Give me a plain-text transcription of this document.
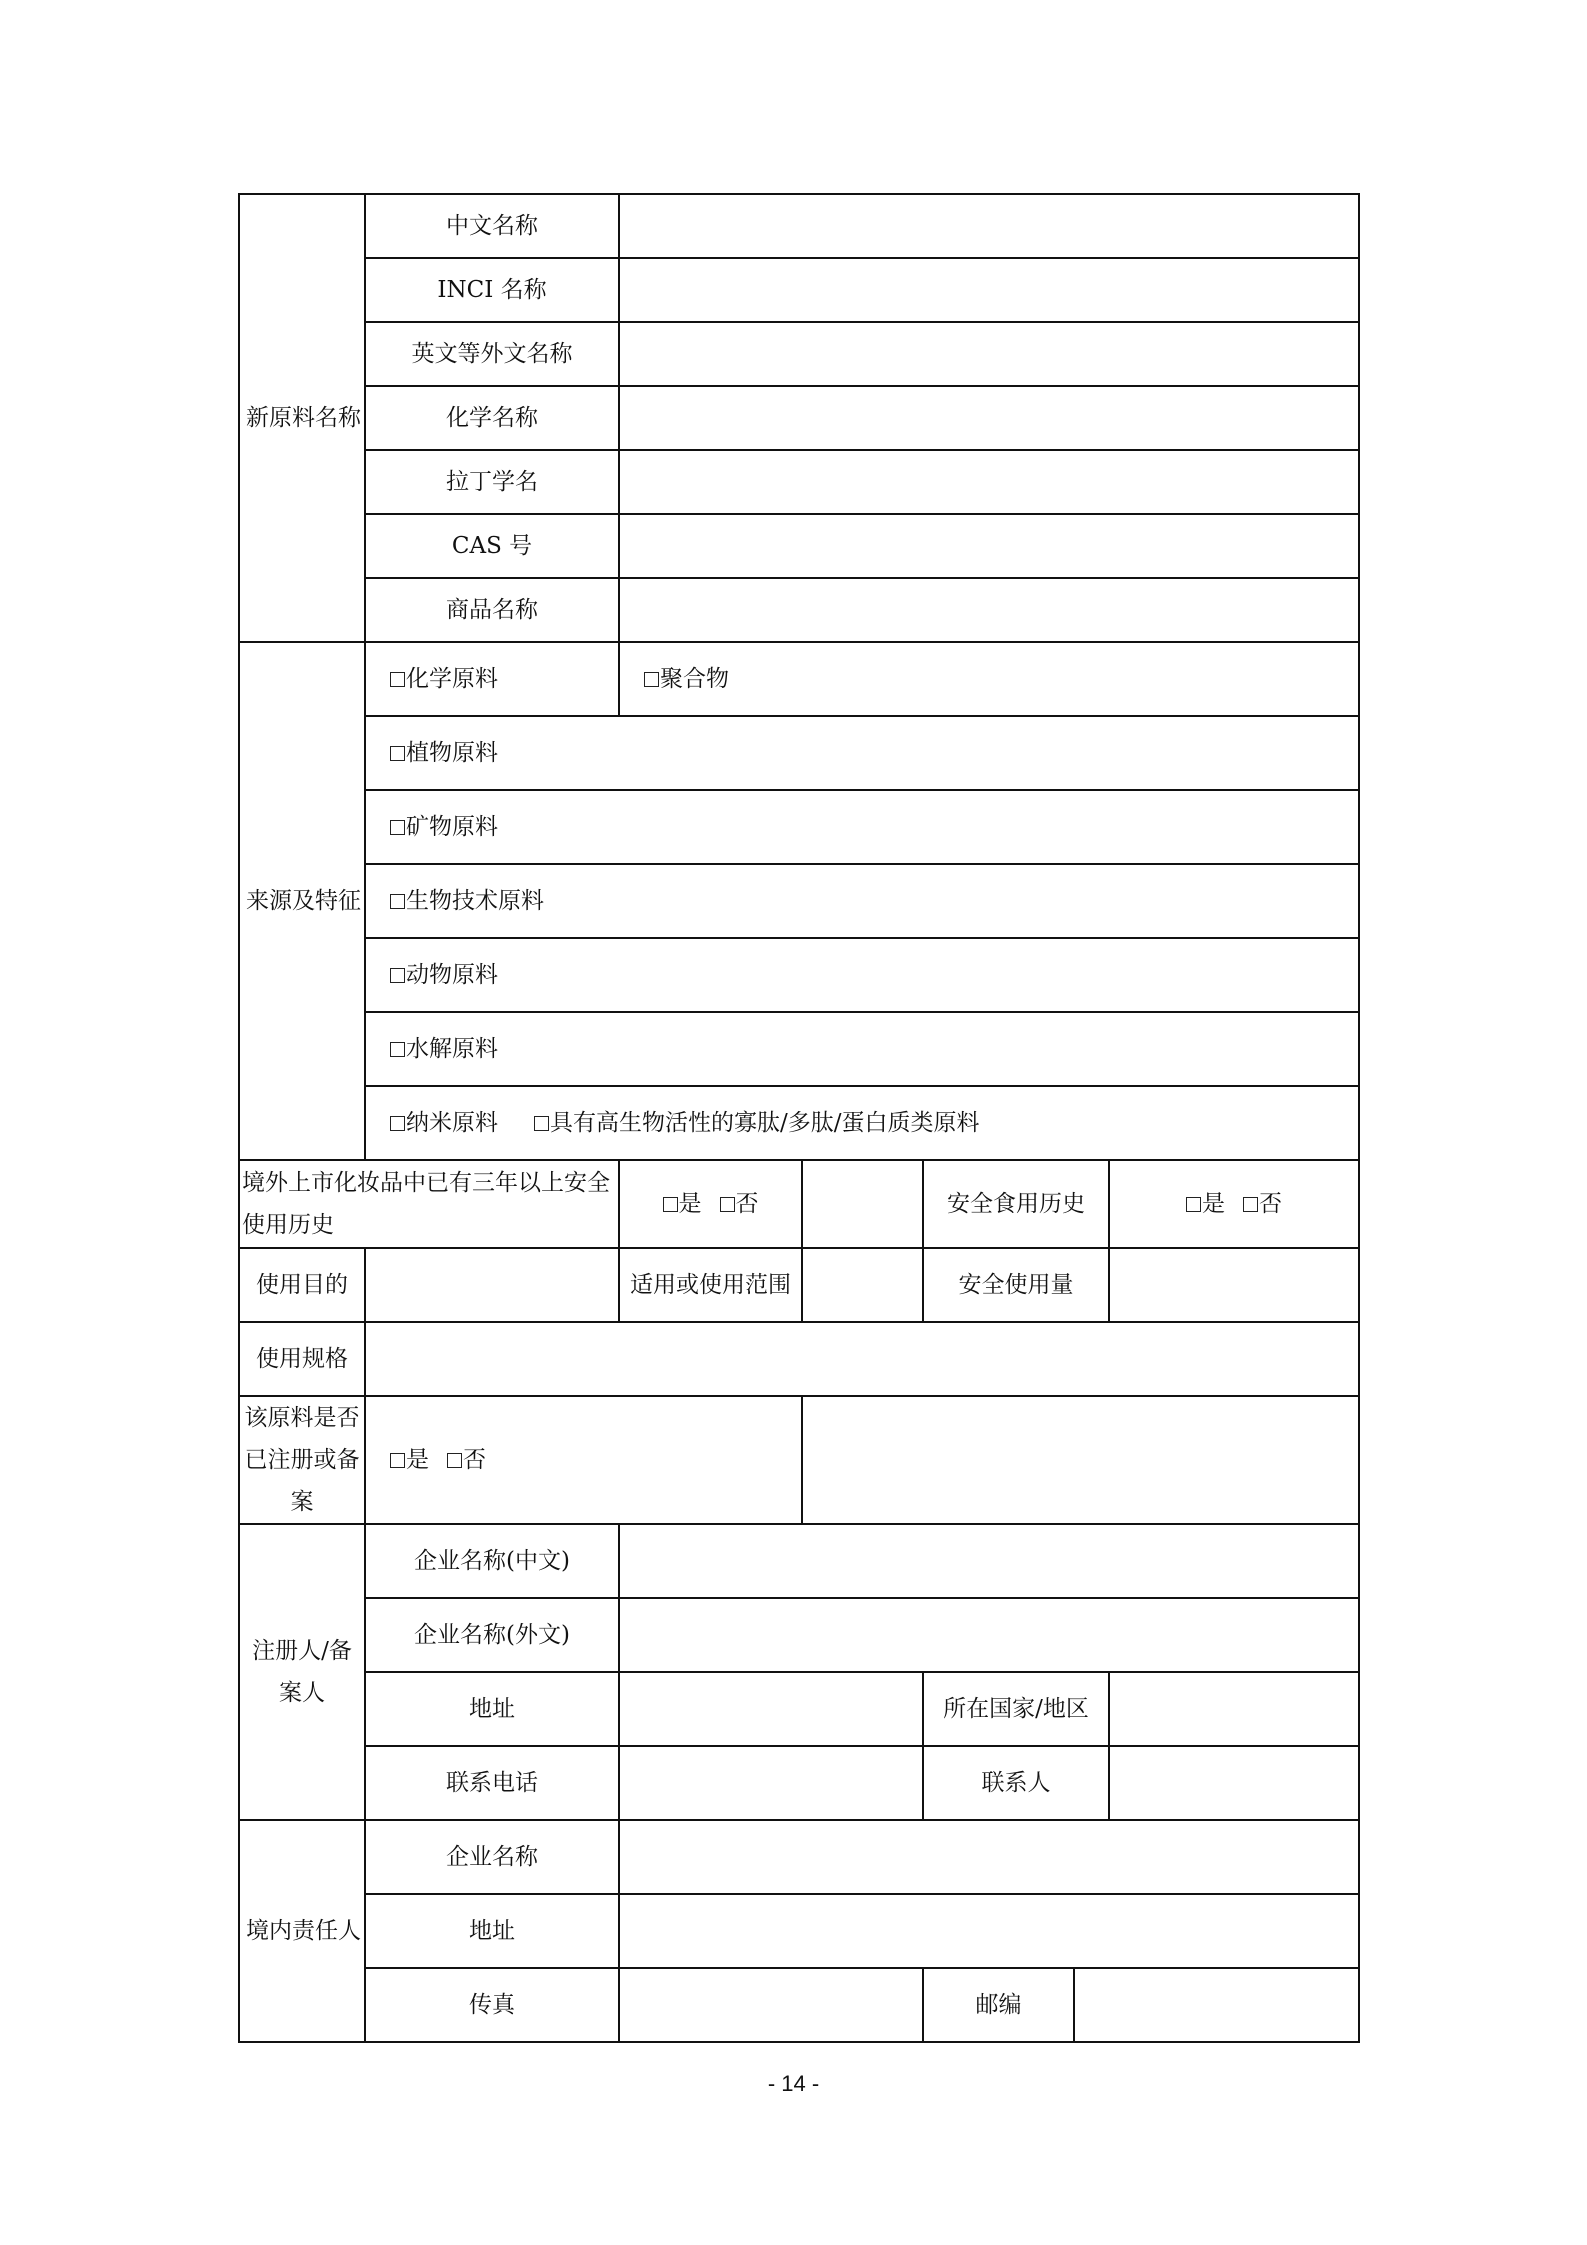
新原料名称	中文名称					
	INCI 名称					
	英文等外文名称					
	化学名称					
	拉丁学名					
	CAS 号					
	商品名称					
来源及特征	化学原料	聚合物				
	植物原料					
	矿物原料					
	生物技术原料					
	动物原料					
	水解原料					
	纳米原料 具有高生物活性的寡肽/多肽/蛋白质类原料					
境外上市化妆品中已有三年以上安全使用历史		是 否		安全食用历史		是 否
使用目的		适用或使用范围		安全使用量		
使用规格						
该原料是否已注册或备案	是 否					
注册人/备案人	企业名称(中文)					
	企业名称(外文)					
	地址			所在国家/地区		
	联系电话			联系人		
境内责任人	企业名称					
	地址					
	传真			邮编		
- 14 -
